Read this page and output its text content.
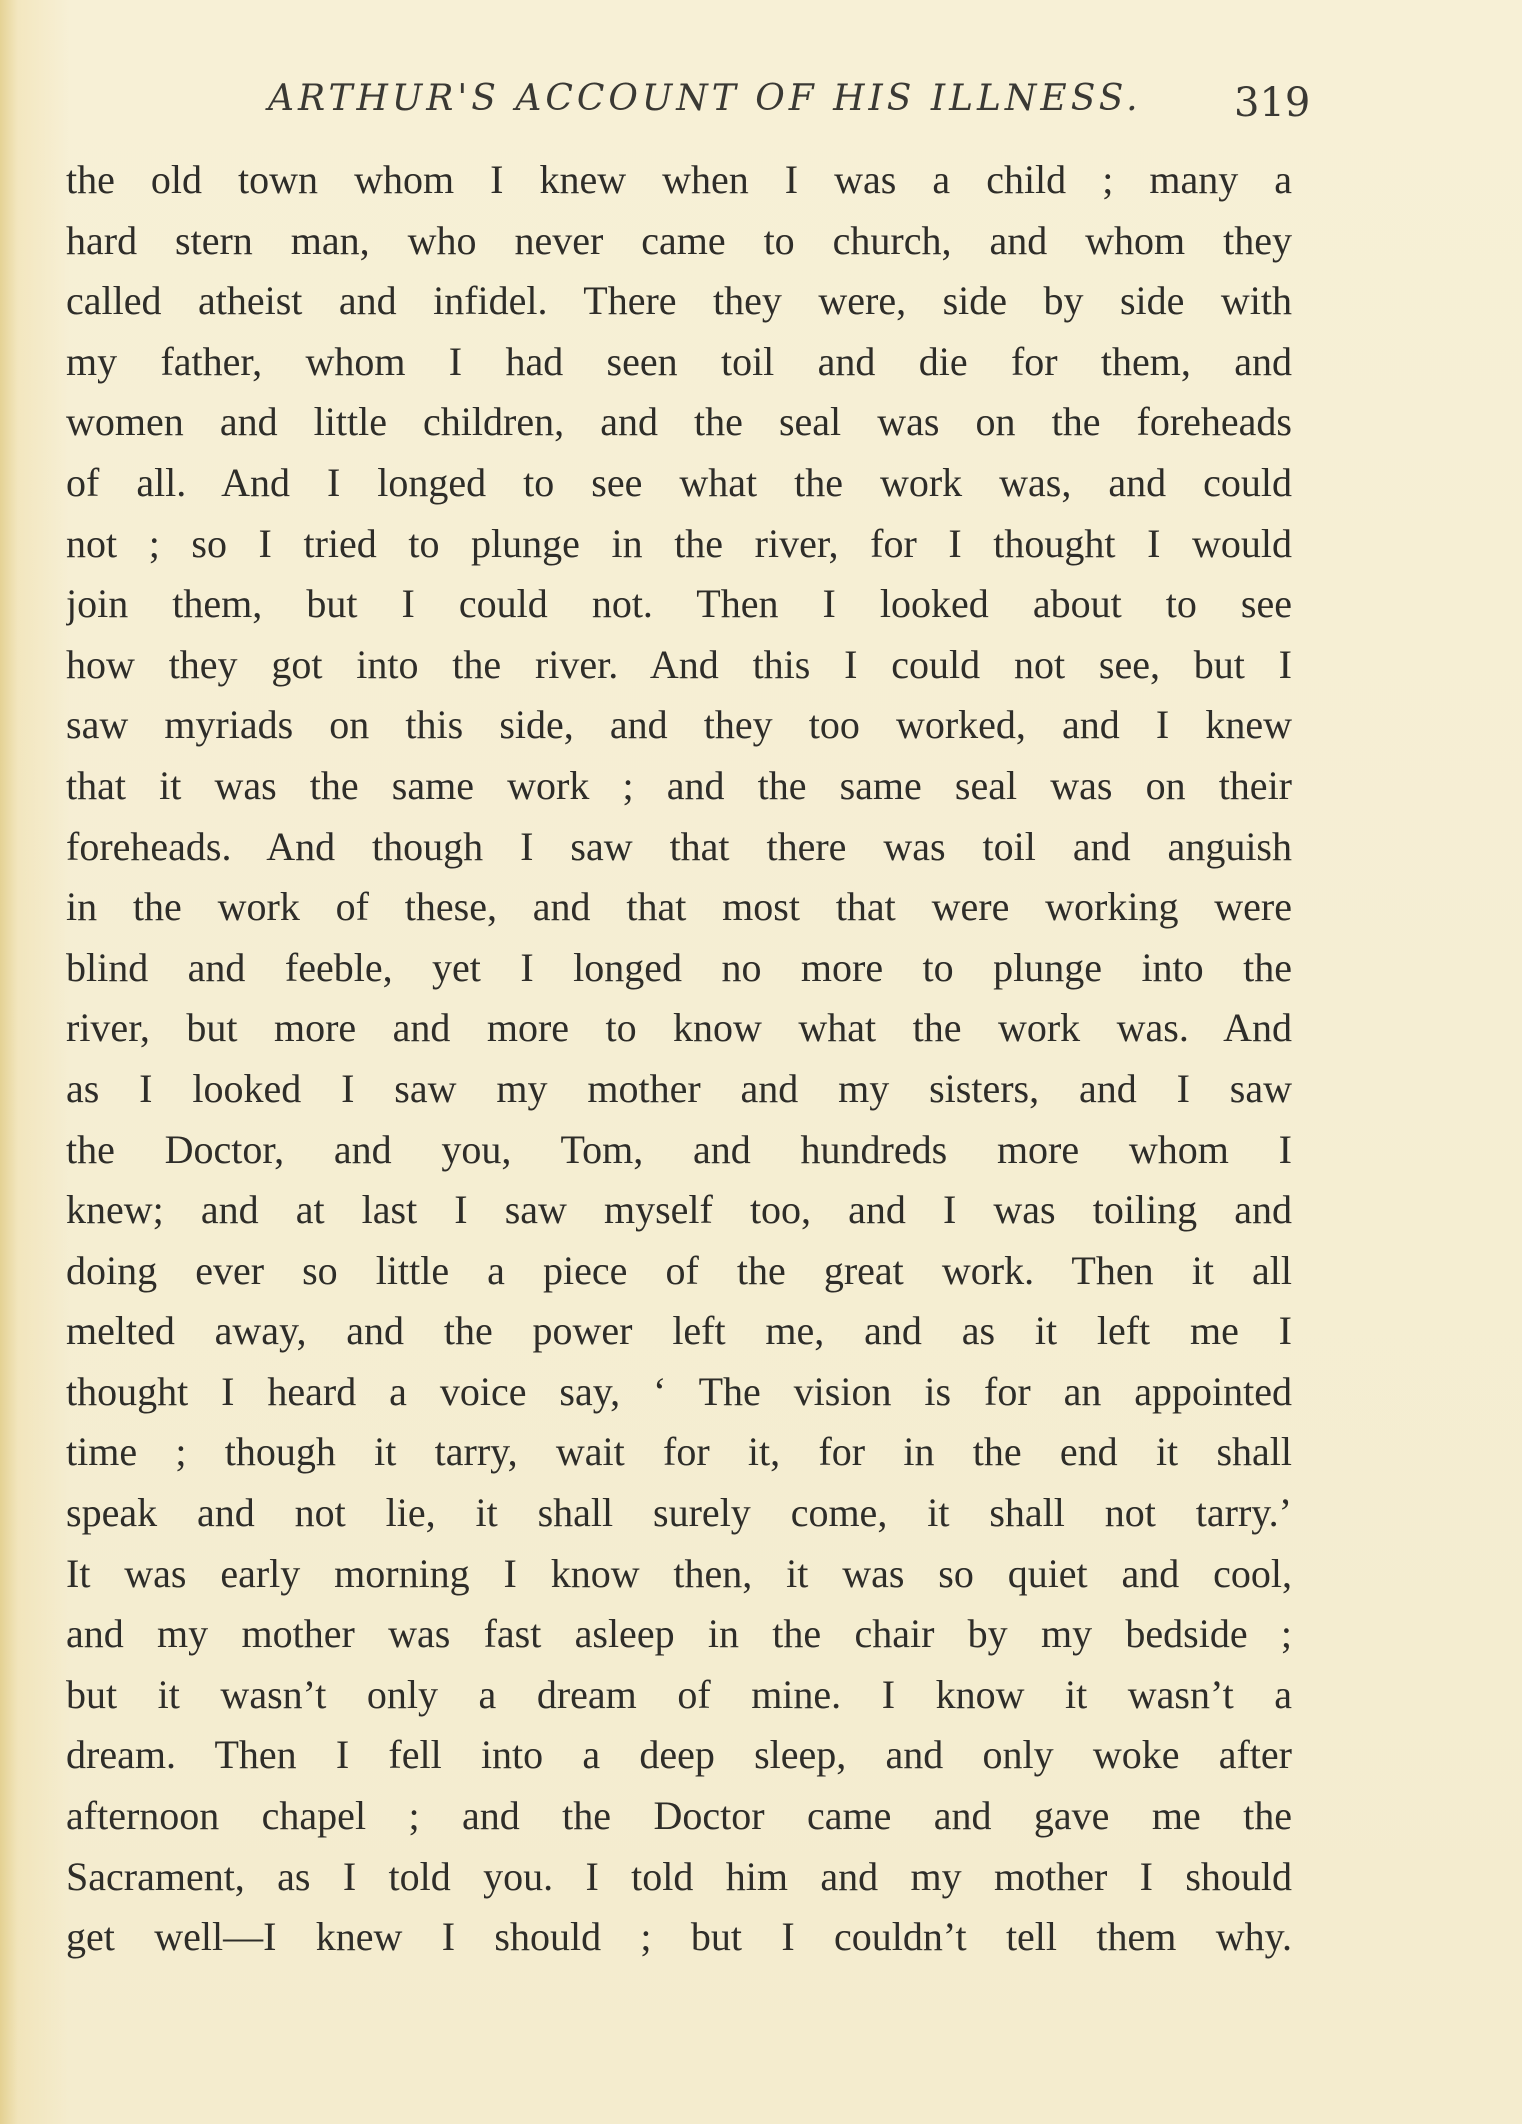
ARTHUR'S ACCOUNT OF HIS ILLNESS. 319
the old town whom I knew when I was a child ; many a
hard stern man, who never came to church, and whom they
called atheist and infidel. There they were, side by side with
my father, whom I had seen toil and die for them, and
women and little children, and the seal was on the foreheads
of all. And I longed to see what the work was, and could
not ; so I tried to plunge in the river, for I thought I would
join them, but I could not. Then I looked about to see
how they got into the river. And this I could not see, but I
saw myriads on this side, and they too worked, and I knew
that it was the same work ; and the same seal was on their
foreheads. And though I saw that there was toil and anguish
in the work of these, and that most that were working were
blind and feeble, yet I longed no more to plunge into the
river, but more and more to know what the work was. And
as I looked I saw my mother and my sisters, and I saw
the Doctor, and you, Tom, and hundreds more whom I
knew; and at last I saw myself too, and I was toiling and
doing ever so little a piece of the great work. Then it all
melted away, and the power left me, and as it left me I
thought I heard a voice say, ‘ The vision is for an appointed
time ; though it tarry, wait for it, for in the end it shall
speak and not lie, it shall surely come, it shall not tarry.’
It was early morning I know then, it was so quiet and cool,
and my mother was fast asleep in the chair by my bedside ;
but it wasn’t only a dream of mine. I know it wasn’t a
dream. Then I fell into a deep sleep, and only woke after
afternoon chapel ; and the Doctor came and gave me the
Sacrament, as I told you. I told him and my mother I should
get well—I knew I should ; but I couldn’t tell them why.
